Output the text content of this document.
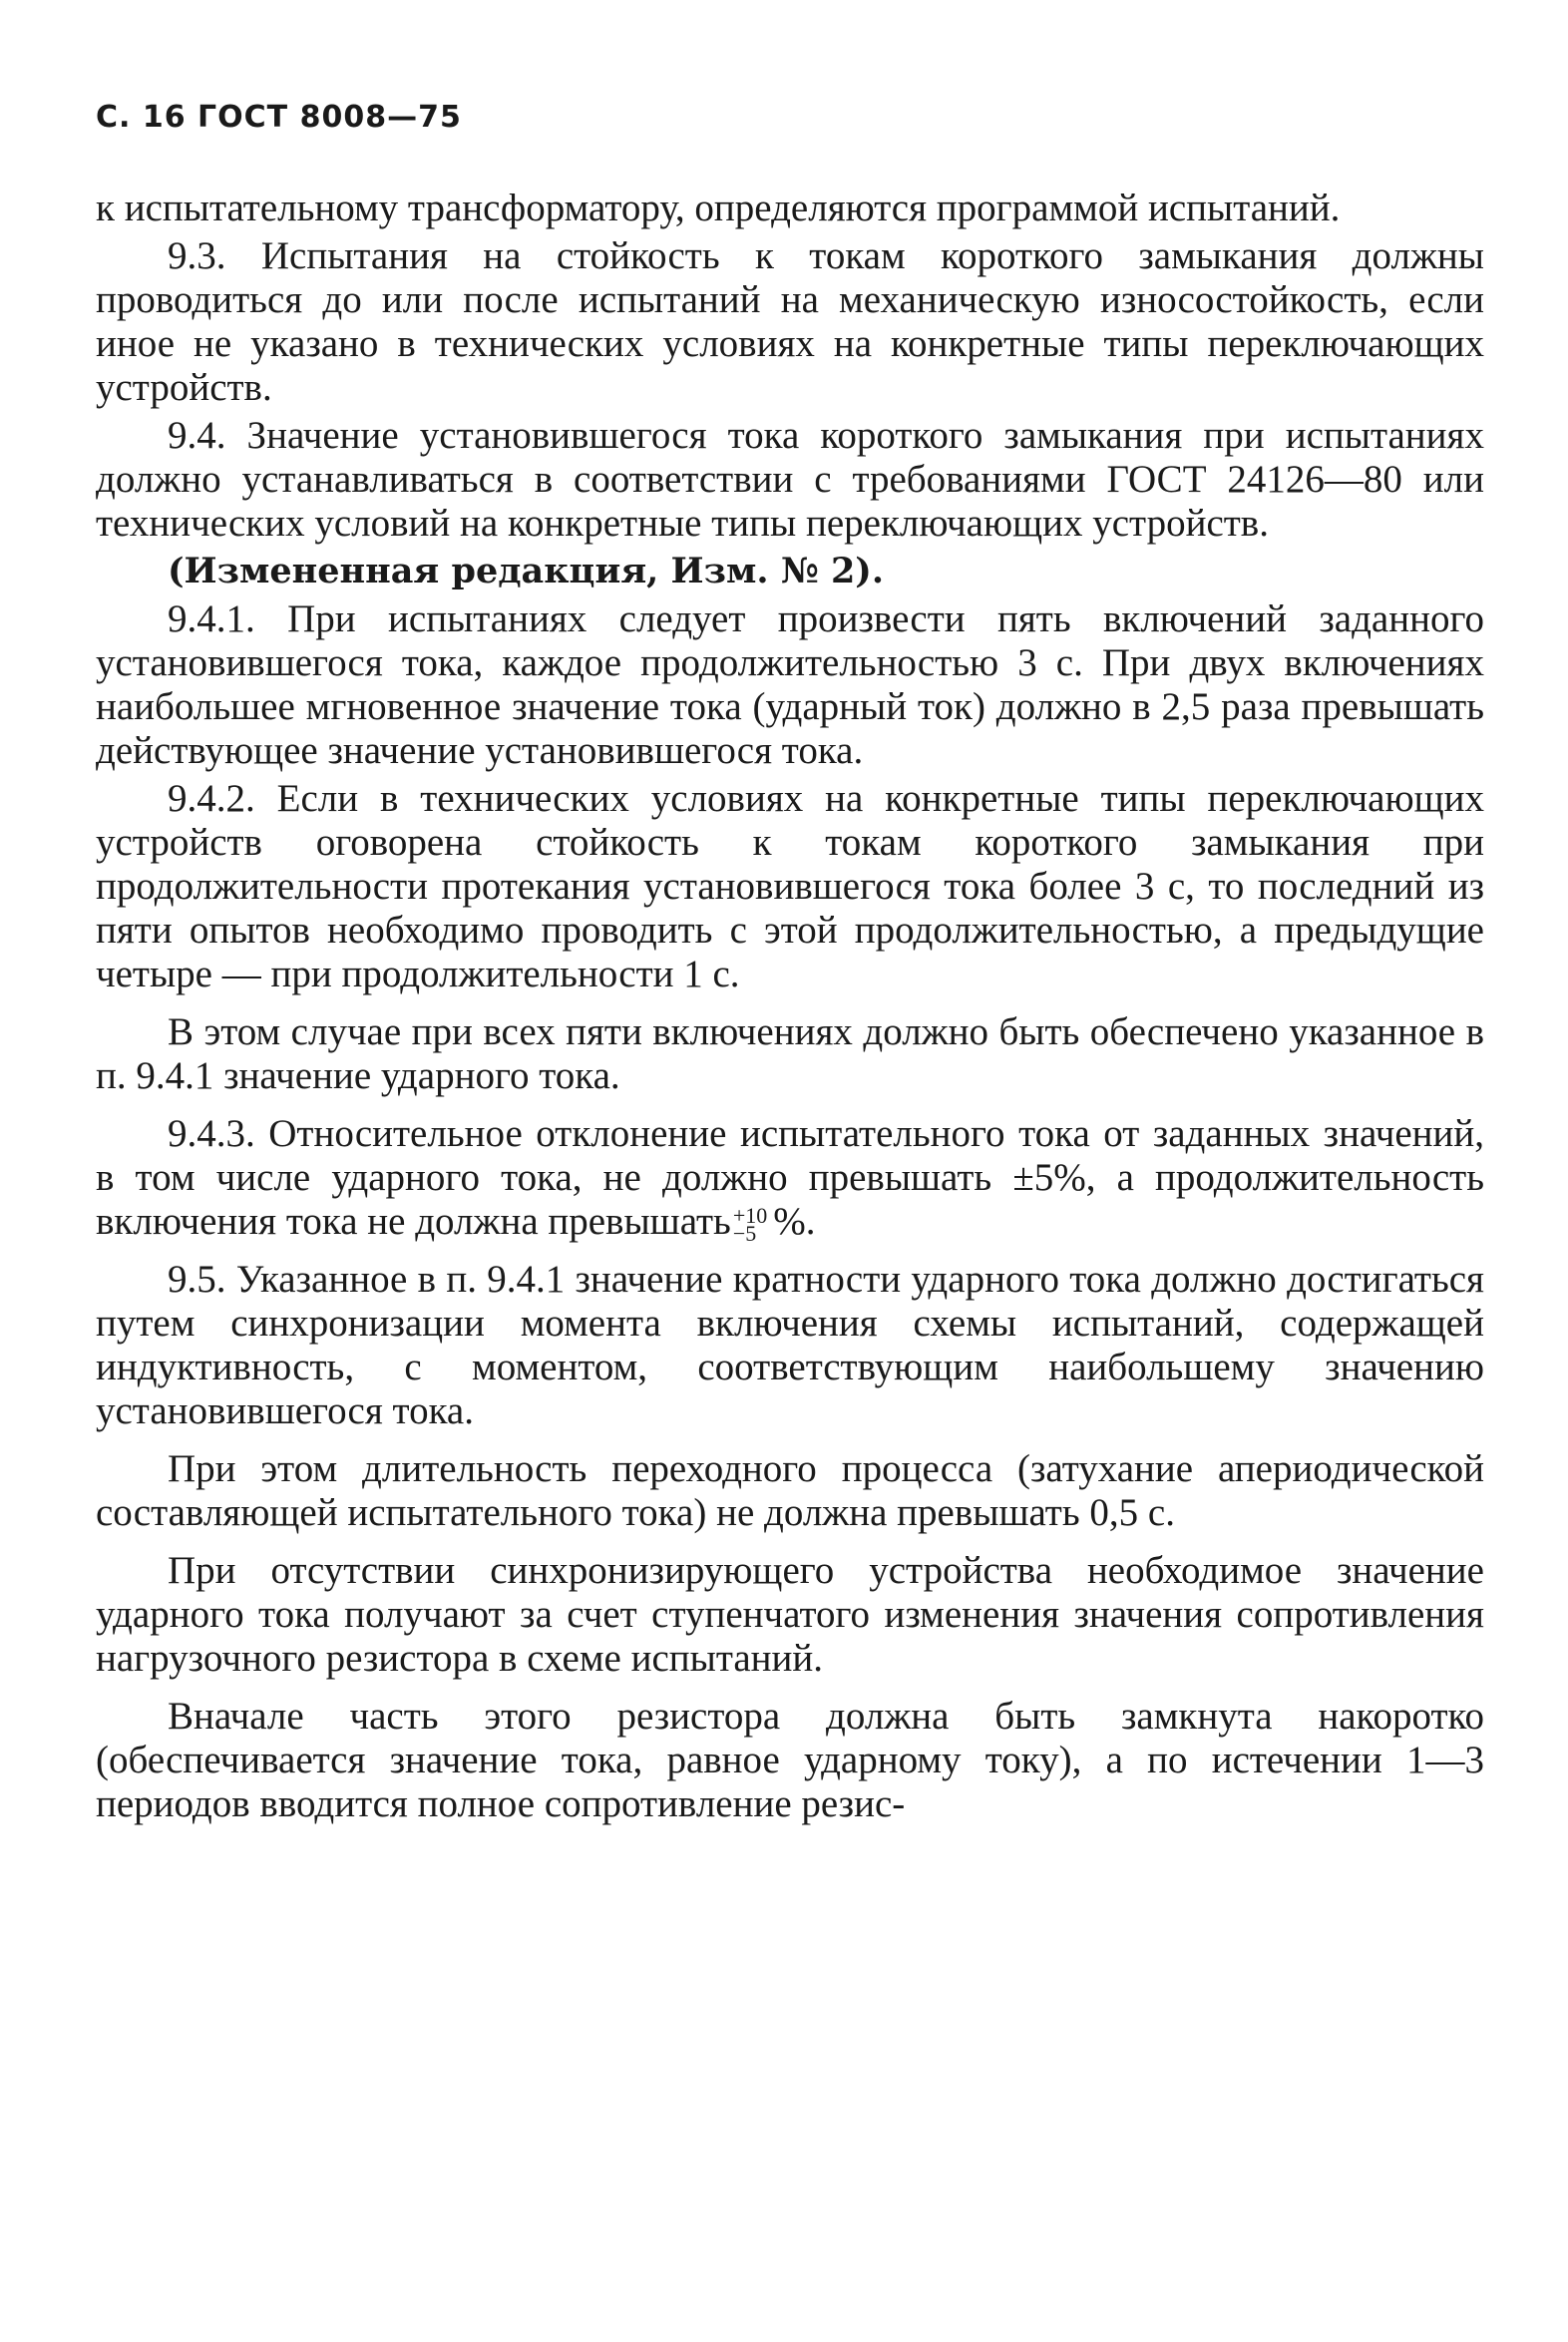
С. 16 ГОСТ 8008—75

к испытательному трансформатору, определяются программой испытаний.

9.3. Испытания на стойкость к токам короткого замыкания должны проводиться до или после испытаний на механическую износостойкость, если иное не указано в технических условиях на конкретные типы переключающих устройств.

9.4. Значение установившегося тока короткого замыкания при испытаниях должно устанавливаться в соответствии с требованиями ГОСТ 24126—80 или технических условий на конкретные типы переключающих устройств.

(Измененная редакция, Изм. № 2).

9.4.1. При испытаниях следует произвести пять включений заданного установившегося тока, каждое продолжительностью 3 с. При двух включениях наибольшее мгновенное значение тока (ударный ток) должно в 2,5 раза превышать действующее значение установившегося тока.

9.4.2. Если в технических условиях на конкретные типы переключающих устройств оговорена стойкость к токам короткого замыкания при продолжительности протекания установившегося тока более 3 с, то последний из пяти опытов необходимо проводить с этой продолжительностью, а предыдущие четыре — при продолжительности 1 с.

В этом случае при всех пяти включениях должно быть обеспечено указанное в п. 9.4.1 значение ударного тока.

9.4.3. Относительное отклонение испытательного тока от заданных значений, в том числе ударного тока, не должно превышать ±5%, а продолжительность включения тока не должна превышать +10
−5 %.

9.5. Указанное в п. 9.4.1 значение кратности ударного тока должно достигаться путем синхронизации момента включения схемы испытаний, содержащей индуктивность, с моментом, соответствующим наибольшему значению установившегося тока.

При этом длительность переходного процесса (затухание апериодической составляющей испытательного тока) не должна превышать 0,5 с.

При отсутствии синхронизирующего устройства необходимое значение ударного тока получают за счет ступенчатого изменения значения сопротивления нагрузочного резистора в схеме испытаний.

Вначале часть этого резистора должна быть замкнута накоротко (обеспечивается значение тока, равное ударному току), а по истечении 1—3 периодов вводится полное сопротивление резис-
